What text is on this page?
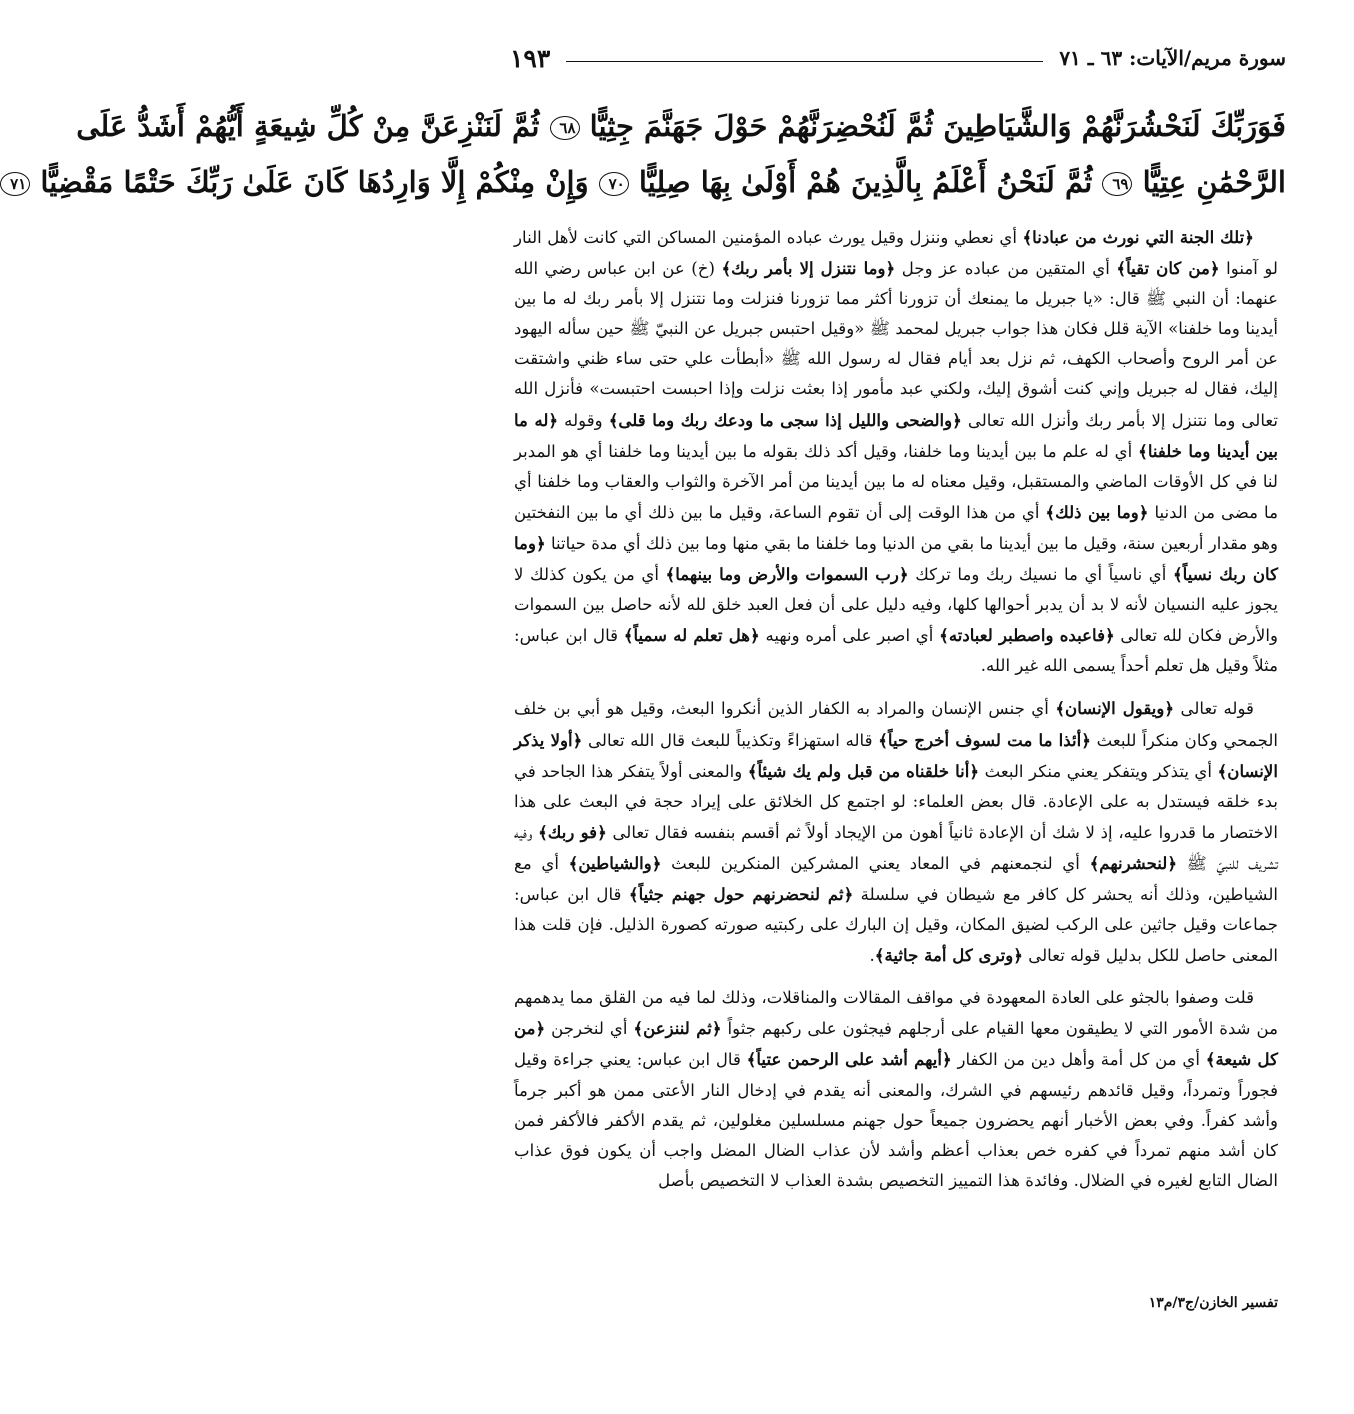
سورة مريم/الآيات: ٦٣ ـ ٧١
١٩٣
فَوَرَبِّكَ لَنَحْشُرَنَّهُمْ وَالشَّيَاطِينَ ثُمَّ لَنُحْضِرَنَّهُمْ حَوْلَ جَهَنَّمَ جِثِيًّا ٦٨ ثُمَّ لَنَنْزِعَنَّ مِنْ كُلِّ شِيعَةٍ أَيُّهُمْ أَشَدُّ عَلَى
الرَّحْمَٰنِ عِتِيًّا ٦٩ ثُمَّ لَنَحْنُ أَعْلَمُ بِالَّذِينَ هُمْ أَوْلَىٰ بِهَا صِلِيًّا ٧٠ وَإِنْ مِنْكُمْ إِلَّا وَارِدُهَا كَانَ عَلَىٰ رَبِّكَ حَتْمًا مَقْضِيًّا ٧١

﴿تلك الجنة التي نورث من عبادنا﴾ أي نعطي وننزل وقيل يورث عباده المؤمنين المساكن التي كانت لأهل النار لو آمنوا ﴿من كان تقياً﴾ أي المتقين من عباده عز وجل ﴿وما نتنزل إلا بأمر ربك﴾ (خ) عن ابن عباس رضي الله عنهما: أن النبي ﷺ قال: «يا جبريل ما يمنعك أن تزورنا أكثر مما تزورنا فنزلت وما نتنزل إلا بأمر ربك له ما بين أيدينا وما خلفنا» الآية قلل فكان هذا جواب جبريل لمحمد ﷺ «وقيل احتبس جبريل عن النبيّ ﷺ حين سأله اليهود عن أمر الروح وأصحاب الكهف، ثم نزل بعد أيام فقال له رسول الله ﷺ «أبطأت علي حتى ساء ظني واشتقت إليك، فقال له جبريل وإني كنت أشوق إليك، ولكني عبد مأمور إذا بعثت نزلت وإذا احبست احتبست» فأنزل الله تعالى وما نتنزل إلا بأمر ربك وأنزل الله تعالى ﴿والضحى والليل إذا سجى ما ودعك ربك وما قلى﴾ وقوله ﴿له ما بين أيدينا وما خلفنا﴾ أي له علم ما بين أيدينا وما خلفنا، وقيل أكد ذلك بقوله ما بين أيدينا وما خلفنا أي هو المدبر لنا في كل الأوقات الماضي والمستقبل، وقيل معناه له ما بين أيدينا من أمر الآخرة والثواب والعقاب وما خلفنا أي ما مضى من الدنيا ﴿وما بين ذلك﴾ أي من هذا الوقت إلى أن تقوم الساعة، وقيل ما بين ذلك أي ما بين النفختين وهو مقدار أربعين سنة، وقيل ما بين أيدينا ما بقي من الدنيا وما خلفنا ما بقي منها وما بين ذلك أي مدة حياتنا ﴿وما كان ربك نسياً﴾ أي ناسياً أي ما نسيك ربك وما تركك ﴿رب السموات والأرض وما بينهما﴾ أي من يكون كذلك لا يجوز عليه النسيان لأنه لا بد أن يدبر أحوالها كلها، وفيه دليل على أن فعل العبد خلق لله لأنه حاصل بين السموات والأرض فكان لله تعالى ﴿فاعبده واصطبر لعبادته﴾ أي اصبر على أمره ونهيه ﴿هل تعلم له سمياً﴾ قال ابن عباس: مثلاً وقيل هل تعلم أحداً يسمى الله غير الله.

قوله تعالى ﴿ويقول الإنسان﴾ أي جنس الإنسان والمراد به الكفار الذين أنكروا البعث، وقيل هو أبي بن خلف الجمحي وكان منكراً للبعث ﴿أئذا ما مت لسوف أخرج حياً﴾ قاله استهزاءً وتكذيباً للبعث قال الله تعالى ﴿أولا يذكر الإنسان﴾ أي يتذكر ويتفكر يعني منكر البعث ﴿أنا خلقناه من قبل ولم يك شيئاً﴾ والمعنى أولاً يتفكر هذا الجاحد في بدء خلقه فيستدل به على الإعادة. قال بعض العلماء: لو اجتمع كل الخلائق على إيراد حجة في البعث على هذا الاختصار ما قدروا عليه، إذ لا شك أن الإعادة ثانياً أهون من الإيجاد أولاً ثم أقسم بنفسه فقال تعالى ﴿فو ربك﴾ وفيه تشريف للنبيّ ﷺ ﴿لنحشرنهم﴾ أي لنجمعنهم في المعاد يعني المشركين المنكرين للبعث ﴿والشياطين﴾ أي مع الشياطين، وذلك أنه يحشر كل كافر مع شيطان في سلسلة ﴿ثم لنحضرنهم حول جهنم جثياً﴾ قال ابن عباس: جماعات وقيل جاثين على الركب لضيق المكان، وقيل إن البارك على ركبتيه صورته كصورة الذليل. فإن قلت هذا المعنى حاصل للكل بدليل قوله تعالى ﴿وترى كل أمة جاثية﴾.

قلت وصفوا بالجثو على العادة المعهودة في مواقف المقالات والمناقلات، وذلك لما فيه من القلق مما يدهمهم من شدة الأمور التي لا يطيقون معها القيام على أرجلهم فيجثون على ركبهم جثواً ﴿ثم لننزعن﴾ أي لنخرجن ﴿من كل شيعة﴾ أي من كل أمة وأهل دين من الكفار ﴿أيهم أشد على الرحمن عتياً﴾ قال ابن عباس: يعني جراءة وقيل فجوراً وتمرداً، وقيل قائدهم رئيسهم في الشرك، والمعنى أنه يقدم في إدخال النار الأعتى ممن هو أكبر جرماً وأشد كفراً. وفي بعض الأخبار أنهم يحضرون جميعاً حول جهنم مسلسلين مغلولين، ثم يقدم الأكفر فالأكفر فمن كان أشد منهم تمرداً في كفره خص بعذاب أعظم وأشد لأن عذاب الضال المضل واجب أن يكون فوق عذاب الضال التابع لغيره في الضلال. وفائدة هذا التمييز التخصيص بشدة العذاب لا التخصيص بأصل

تفسير الخازن/ج٣/م١٣
